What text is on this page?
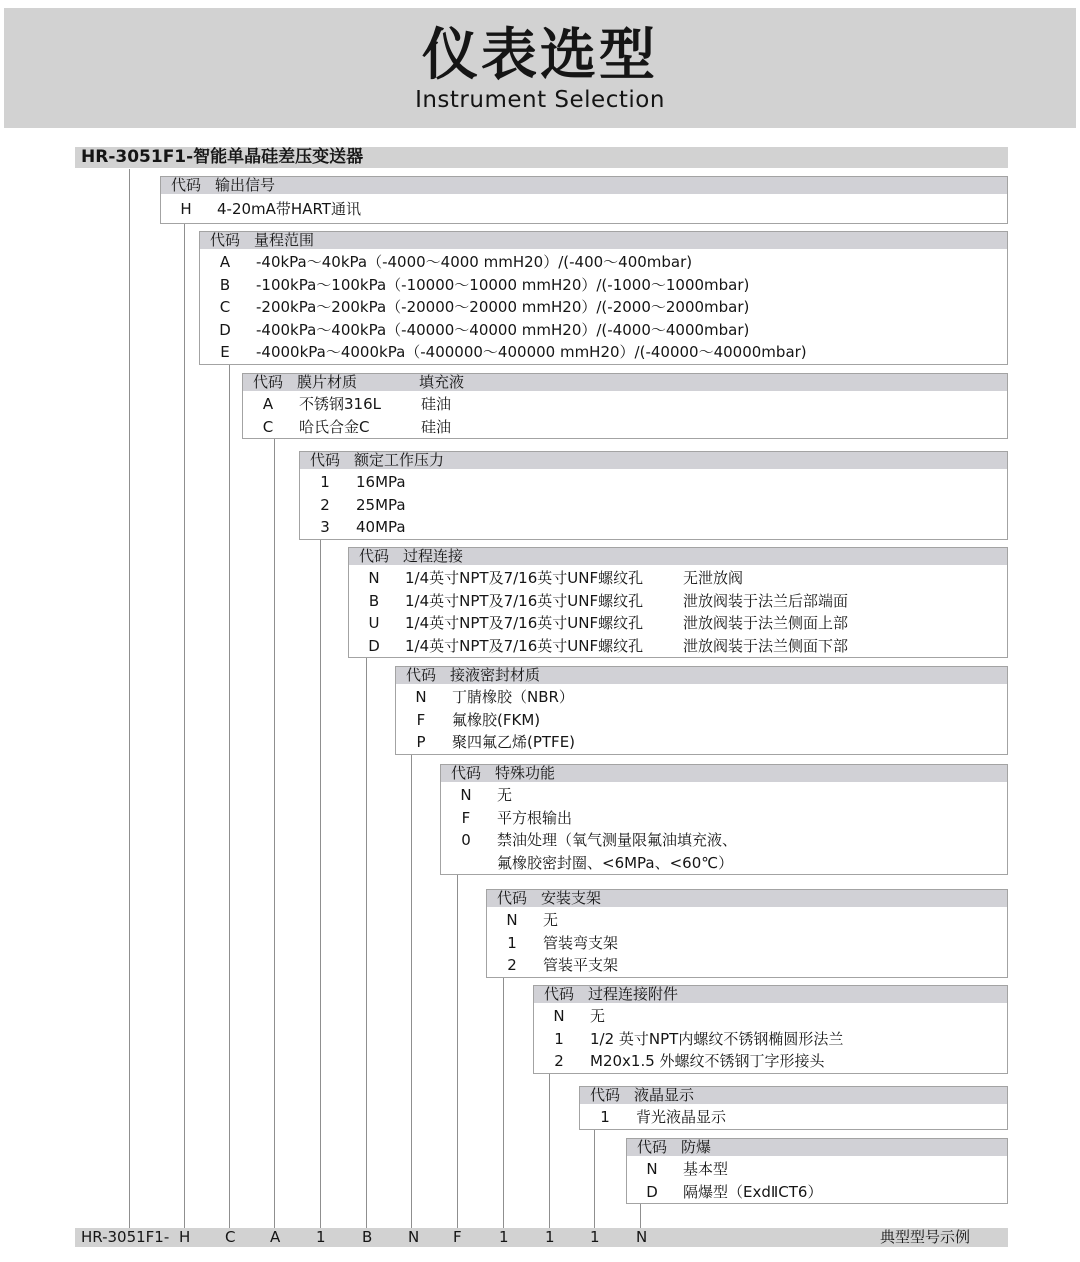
仪表选型
Instrument Selection
HR-3051F1-智能单晶硅差压变送器
代码 输出信号
H	4-20mA带HART通讯
代码 量程范围
A	-40kPa～40kPa（-4000～4000 mmH20）/(-400～400mbar)
B	-100kPa～100kPa（-10000～10000 mmH20）/(-1000～1000mbar)
C	-200kPa～200kPa（-20000～20000 mmH20）/(-2000～2000mbar)
D	-400kPa～400kPa（-40000～40000 mmH20）/(-4000～4000mbar)
E	-4000kPa～4000kPa（-400000～400000 mmH20）/(-40000～40000mbar)
代码 膜片材质	填充液
A	不锈钢316L	硅油
C	哈氏合金C	硅油
代码 额定工作压力
1	16MPa
2	25MPa
3	40MPa
代码 过程连接
N	1/4英寸NPT及7/16英寸UNF螺纹孔	无泄放阀
B	1/4英寸NPT及7/16英寸UNF螺纹孔	泄放阀装于法兰后部端面
U	1/4英寸NPT及7/16英寸UNF螺纹孔	泄放阀装于法兰侧面上部
D	1/4英寸NPT及7/16英寸UNF螺纹孔	泄放阀装于法兰侧面下部
代码 接液密封材质
N	丁腈橡胶（NBR）
F	氟橡胶(FKM)
P	聚四氟乙烯(PTFE)
代码 特殊功能
N	无
F	平方根输出
0	禁油处理（氧气测量限氟油填充液、
氟橡胶密封圈、<6MPa、<60℃）
代码 安装支架
N	无
1	管装弯支架
2	管装平支架
代码 过程连接附件
N	无
1	1/2 英寸NPT内螺纹不锈钢椭圆形法兰
2	M20x1.5 外螺纹不锈钢丁字形接头
代码 液晶显示
1	背光液晶显示
代码 防爆
N	基本型
D	隔爆型（ExdⅡCT6）
HR-3051F1- H C A 1 B N F 1 1 1 N	典型型号示例
